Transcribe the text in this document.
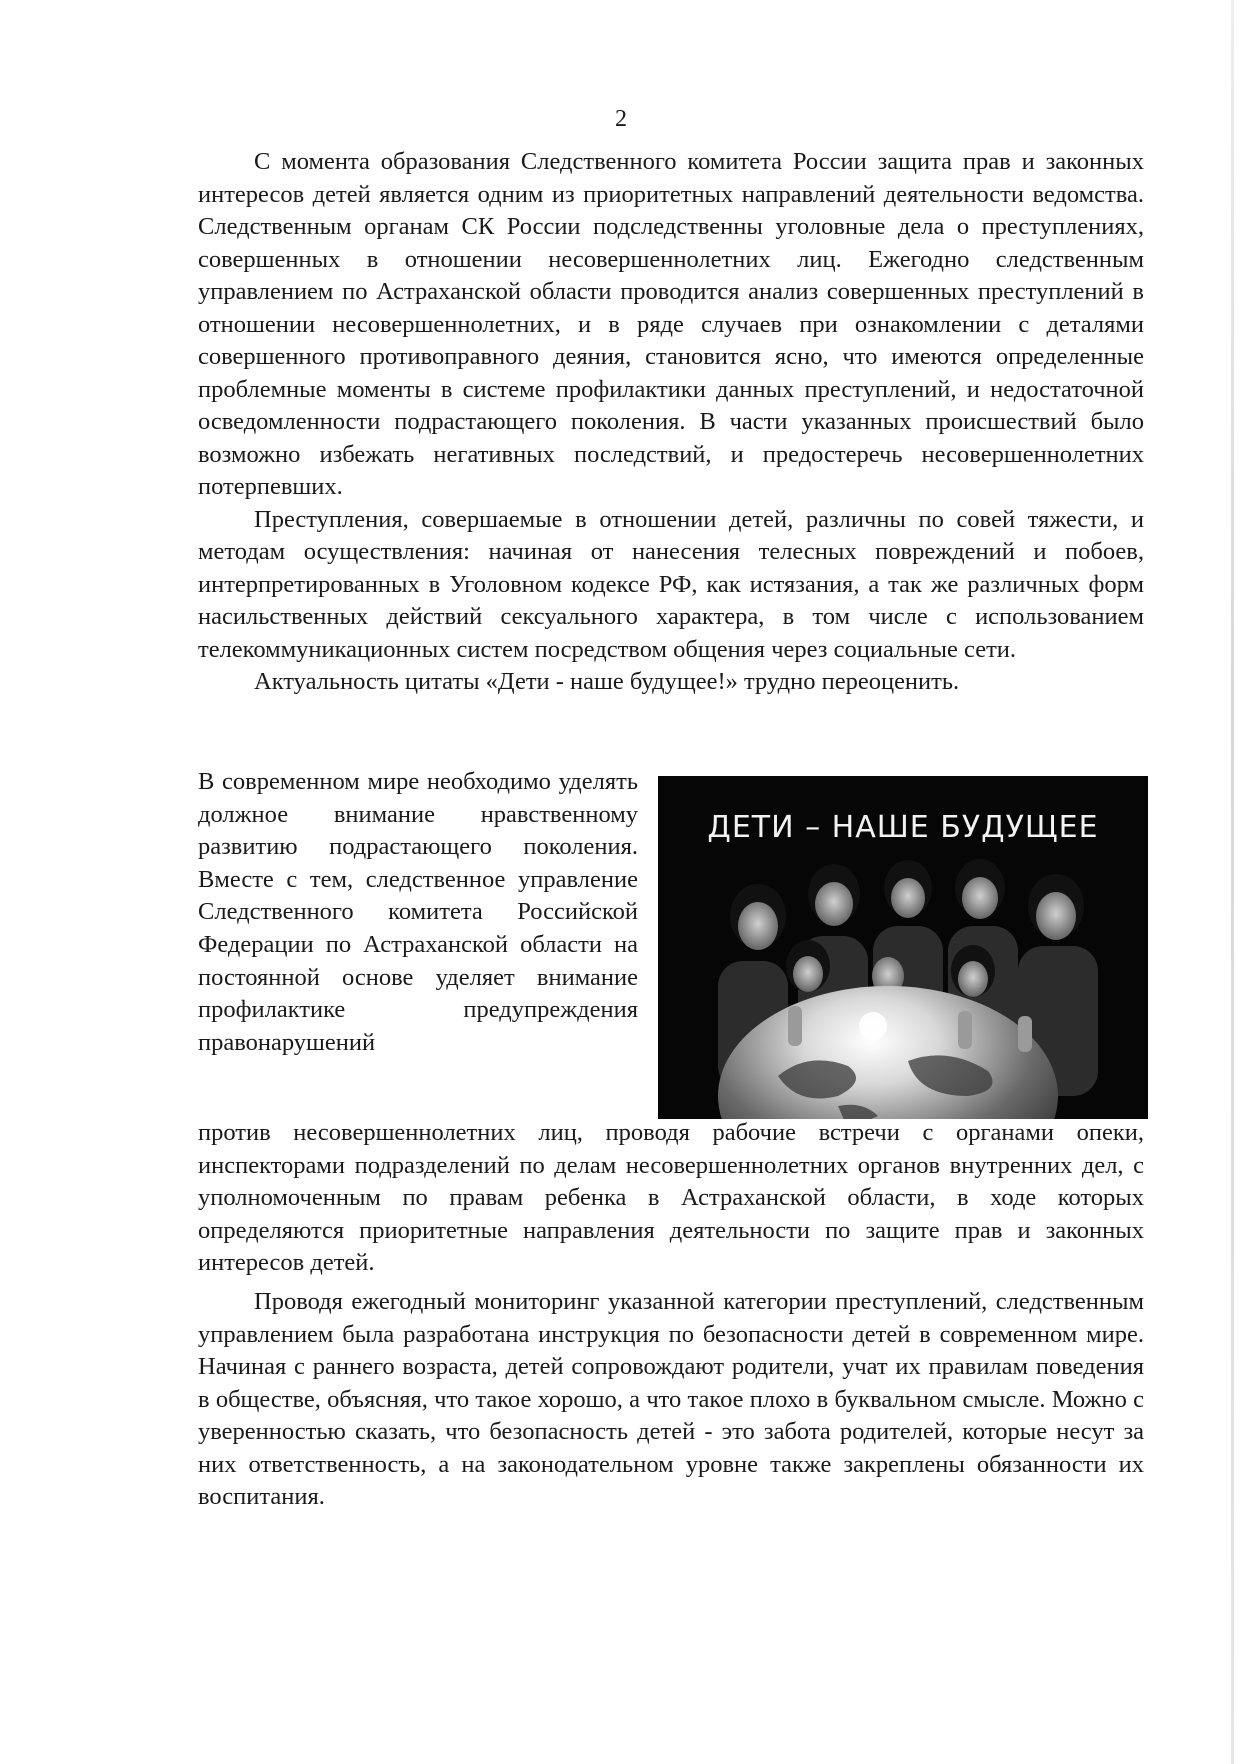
2

С момента образования Следственного комитета России защита прав и законных интересов детей является одним из приоритетных направлений деятельности ведомства. Следственным органам СК России подследственны уголовные дела о преступлениях, совершенных в отношении несовершеннолетних лиц. Ежегодно следственным управлением по Астраханской области проводится анализ совершенных преступлений в отношении несовершеннолетних, и в ряде случаев при ознакомлении с деталями совершенного противоправного деяния, становится ясно, что имеются определенные проблемные моменты в системе профилактики данных преступлений, и недостаточной осведомленности подрастающего поколения. В части указанных происшествий было возможно избежать негативных последствий, и предостеречь несовершеннолетних потерпевших.

Преступления, совершаемые в отношении детей, различны по совей тяжести, и методам осуществления: начиная от нанесения телесных повреждений и побоев, интерпретированных в Уголовном кодексе РФ, как истязания, а так же различных форм насильственных действий сексуального характера, в том числе с использованием телекоммуникационных систем посредством общения через социальные сети.

Актуальность цитаты «Дети - наше будущее!» трудно переоценить.

В современном мире необходимо уделять должное внимание нравственному развитию подрастающего поколения. Вместе с тем, следственное управление Следственного комитета Российской Федерации по Астраханской области на постоянной основе уделяет внимание профилактике предупреждения правонарушений
ДЕТИ – НАШЕ БУДУЩЕЕ

против несовершеннолетних лиц, проводя рабочие встречи с органами опеки, инспекторами подразделений по делам несовершеннолетних органов внутренних дел, с уполномоченным по правам ребенка в Астраханской области, в ходе которых определяются приоритетные направления деятельности по защите прав и законных интересов детей.

Проводя ежегодный мониторинг указанной категории преступлений, следственным управлением была разработана инструкция по безопасности детей в современном мире. Начиная с раннего возраста, детей сопровождают родители, учат их правилам поведения в обществе, объясняя, что такое хорошо, а что такое плохо в буквальном смысле. Можно с уверенностью сказать, что безопасность детей - это забота родителей, которые несут за них ответственность, а на законодательном уровне также закреплены обязанности их воспитания.
